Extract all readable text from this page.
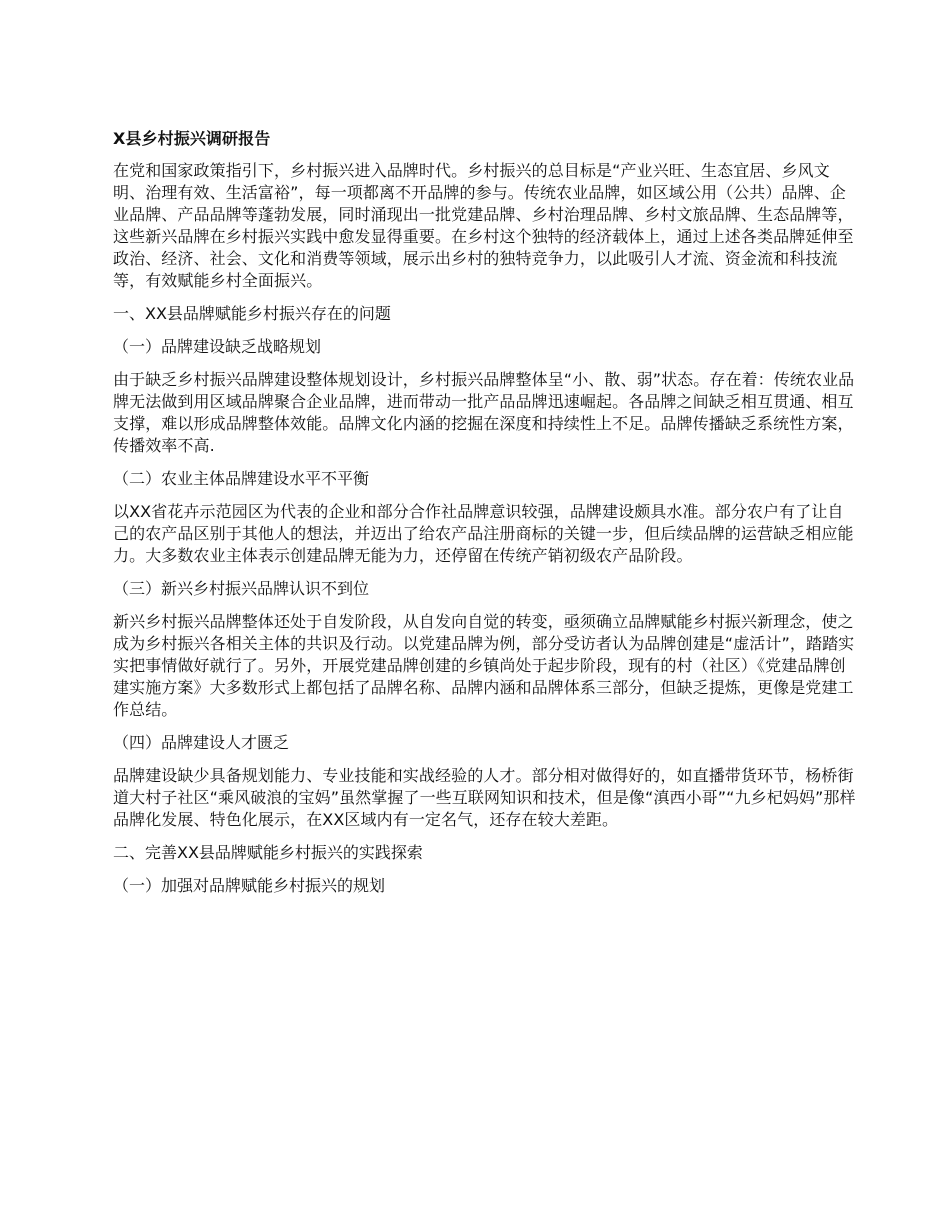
X县乡村振兴调研报告

在党和国家政策指引下，乡村振兴进入品牌时代。乡村振兴的总目标是“产业兴旺、生态宜居、乡风文明、治理有效、生活富裕”，每一项都离不开品牌的参与。传统农业品牌，如区域公用（公共）品牌、企业品牌、产品品牌等蓬勃发展，同时涌现出一批党建品牌、乡村治理品牌、乡村文旅品牌、生态品牌等，这些新兴品牌在乡村振兴实践中愈发显得重要。在乡村这个独特的经济载体上，通过上述各类品牌延伸至政治、经济、社会、文化和消费等领域，展示出乡村的独特竞争力，以此吸引人才流、资金流和科技流等，有效赋能乡村全面振兴。

一、XX县品牌赋能乡村振兴存在的问题
（一）品牌建设缺乏战略规划

由于缺乏乡村振兴品牌建设整体规划设计，乡村振兴品牌整体呈“小、散、弱”状态。存在着：传统农业品牌无法做到用区域品牌聚合企业品牌，进而带动一批产品品牌迅速崛起。各品牌之间缺乏相互贯通、相互支撑，难以形成品牌整体效能。品牌文化内涵的挖掘在深度和持续性上不足。品牌传播缺乏系统性方案，传播效率不高.

（二）农业主体品牌建设水平不平衡

以XX省花卉示范园区为代表的企业和部分合作社品牌意识较强，品牌建设颇具水准。部分农户有了让自己的农产品区别于其他人的想法，并迈出了给农产品注册商标的关键一步，但后续品牌的运营缺乏相应能力。大多数农业主体表示创建品牌无能为力，还停留在传统产销初级农产品阶段。

（三）新兴乡村振兴品牌认识不到位

新兴乡村振兴品牌整体还处于自发阶段，从自发向自觉的转变，亟须确立品牌赋能乡村振兴新理念，使之成为乡村振兴各相关主体的共识及行动。以党建品牌为例，部分受访者认为品牌创建是“虚活计”，踏踏实实把事情做好就行了。另外，开展党建品牌创建的乡镇尚处于起步阶段，现有的村（社区）《党建品牌创建实施方案》大多数形式上都包括了品牌名称、品牌内涵和品牌体系三部分，但缺乏提炼，更像是党建工作总结。

（四）品牌建设人才匮乏

品牌建设缺少具备规划能力、专业技能和实战经验的人才。部分相对做得好的，如直播带货环节，杨桥街道大村子社区“乘风破浪的宝妈”虽然掌握了一些互联网知识和技术，但是像“滇西小哥”“九乡杞妈妈”那样品牌化发展、特色化展示，在XX区域内有一定名气，还存在较大差距。

二、完善XX县品牌赋能乡村振兴的实践探索
（一）加强对品牌赋能乡村振兴的规划
